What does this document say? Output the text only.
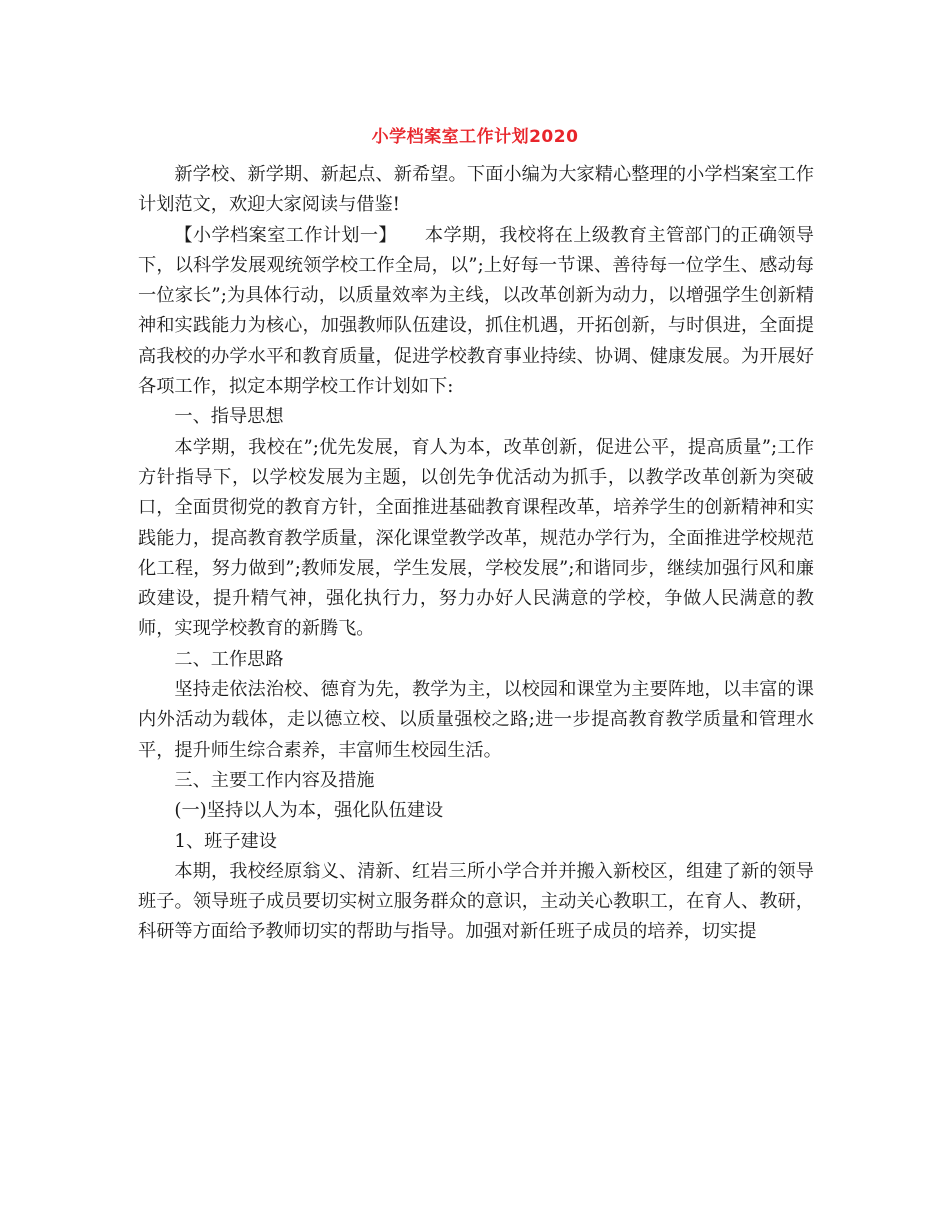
小学档案室工作计划2020

新学校、新学期、新起点、新希望。下面小编为大家精心整理的小学档案室工作计划范文，欢迎大家阅读与借鉴!

【小学档案室工作计划一】　　本学期，我校将在上级教育主管部门的正确领导下，以科学发展观统领学校工作全局，以”;上好每一节课、善待每一位学生、感动每一位家长”;为具体行动，以质量效率为主线，以改革创新为动力，以增强学生创新精神和实践能力为核心，加强教师队伍建设，抓住机遇，开拓创新，与时俱进，全面提高我校的办学水平和教育质量，促进学校教育事业持续、协调、健康发展。为开展好各项工作，拟定本期学校工作计划如下:

一、指导思想

本学期，我校在”;优先发展，育人为本，改革创新，促进公平，提高质量”;工作方针指导下，以学校发展为主题，以创先争优活动为抓手，以教学改革创新为突破口，全面贯彻党的教育方针，全面推进基础教育课程改革，培养学生的创新精神和实践能力，提高教育教学质量，深化课堂教学改革，规范办学行为，全面推进学校规范化工程，努力做到”;教师发展，学生发展，学校发展”;和谐同步，继续加强行风和廉政建设，提升精气神，强化执行力，努力办好人民满意的学校，争做人民满意的教师，实现学校教育的新腾飞。

二、工作思路

坚持走依法治校、德育为先，教学为主，以校园和课堂为主要阵地，以丰富的课内外活动为载体，走以德立校、以质量强校之路;进一步提高教育教学质量和管理水平，提升师生综合素养，丰富师生校园生活。

三、主要工作内容及措施

(一)坚持以人为本，强化队伍建设

1、班子建设

本期，我校经原翁义、清新、红岩三所小学合并并搬入新校区，组建了新的领导班子。领导班子成员要切实树立服务群众的意识，主动关心教职工，在育人、教研，科研等方面给予教师切实的帮助与指导。加强对新任班子成员的培养，切实提
